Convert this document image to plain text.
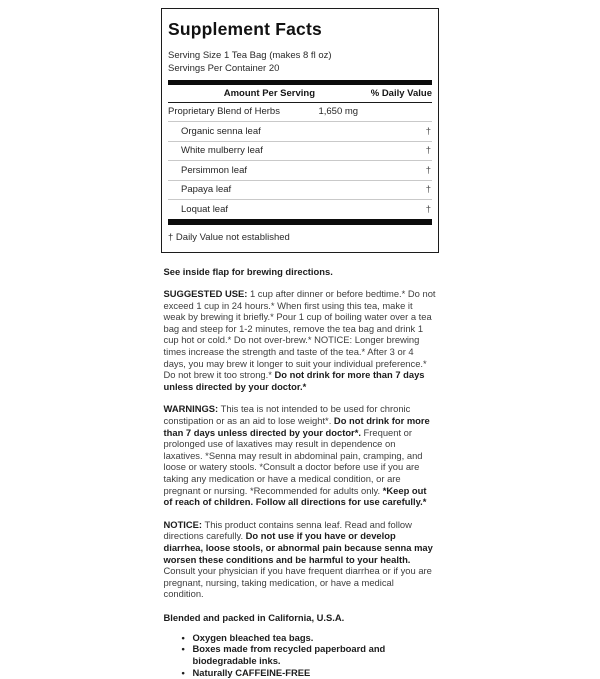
Supplement Facts
Serving Size 1 Tea Bag (makes 8 fl oz)
Servings Per Container 20
Amount Per Serving	% Daily Value
Proprietary Blend of Herbs	1,650 mg
Organic senna leaf	†
White mulberry leaf	†
Persimmon leaf	†
Papaya leaf	†
Loquat leaf	†
† Daily Value not established

See inside flap for brewing directions.

SUGGESTED USE: 1 cup after dinner or before bedtime.* Do not exceed 1 cup in 24 hours.* When first using this tea, make it weak by brewing it briefly.* Pour 1 cup of boiling water over a tea bag and steep for 1-2 minutes, remove the tea bag and drink 1 cup hot or cold.* Do not over-brew.* NOTICE: Longer brewing times increase the strength and taste of the tea.* After 3 or 4 days, you may brew it longer to suit your individual preference.* Do not brew it too strong.* Do not drink for more than 7 days unless directed by your doctor.*

WARNINGS: This tea is not intended to be used for chronic constipation or as an aid to lose weight*. Do not drink for more than 7 days unless directed by your doctor*. Frequent or prolonged use of laxatives may result in dependence on laxatives. *Senna may result in abdominal pain, cramping, and loose or watery stools. *Consult a doctor before use if you are taking any medication or have a medical condition, or are pregnant or nursing. *Recommended for adults only. *Keep out of reach of children. Follow all directions for use carefully.*

NOTICE: This product contains senna leaf. Read and follow directions carefully. Do not use if you have or develop diarrhea, loose stools, or abnormal pain because senna may worsen these conditions and be harmful to your health. Consult your physician if you have frequent diarrhea or if you are pregnant, nursing, taking medication, or have a medical condition.

Blended and packed in California, U.S.A.

• Oxygen bleached tea bags.
• Boxes made from recycled paperboard and biodegradable inks.
• Naturally CAFFEINE-FREE
